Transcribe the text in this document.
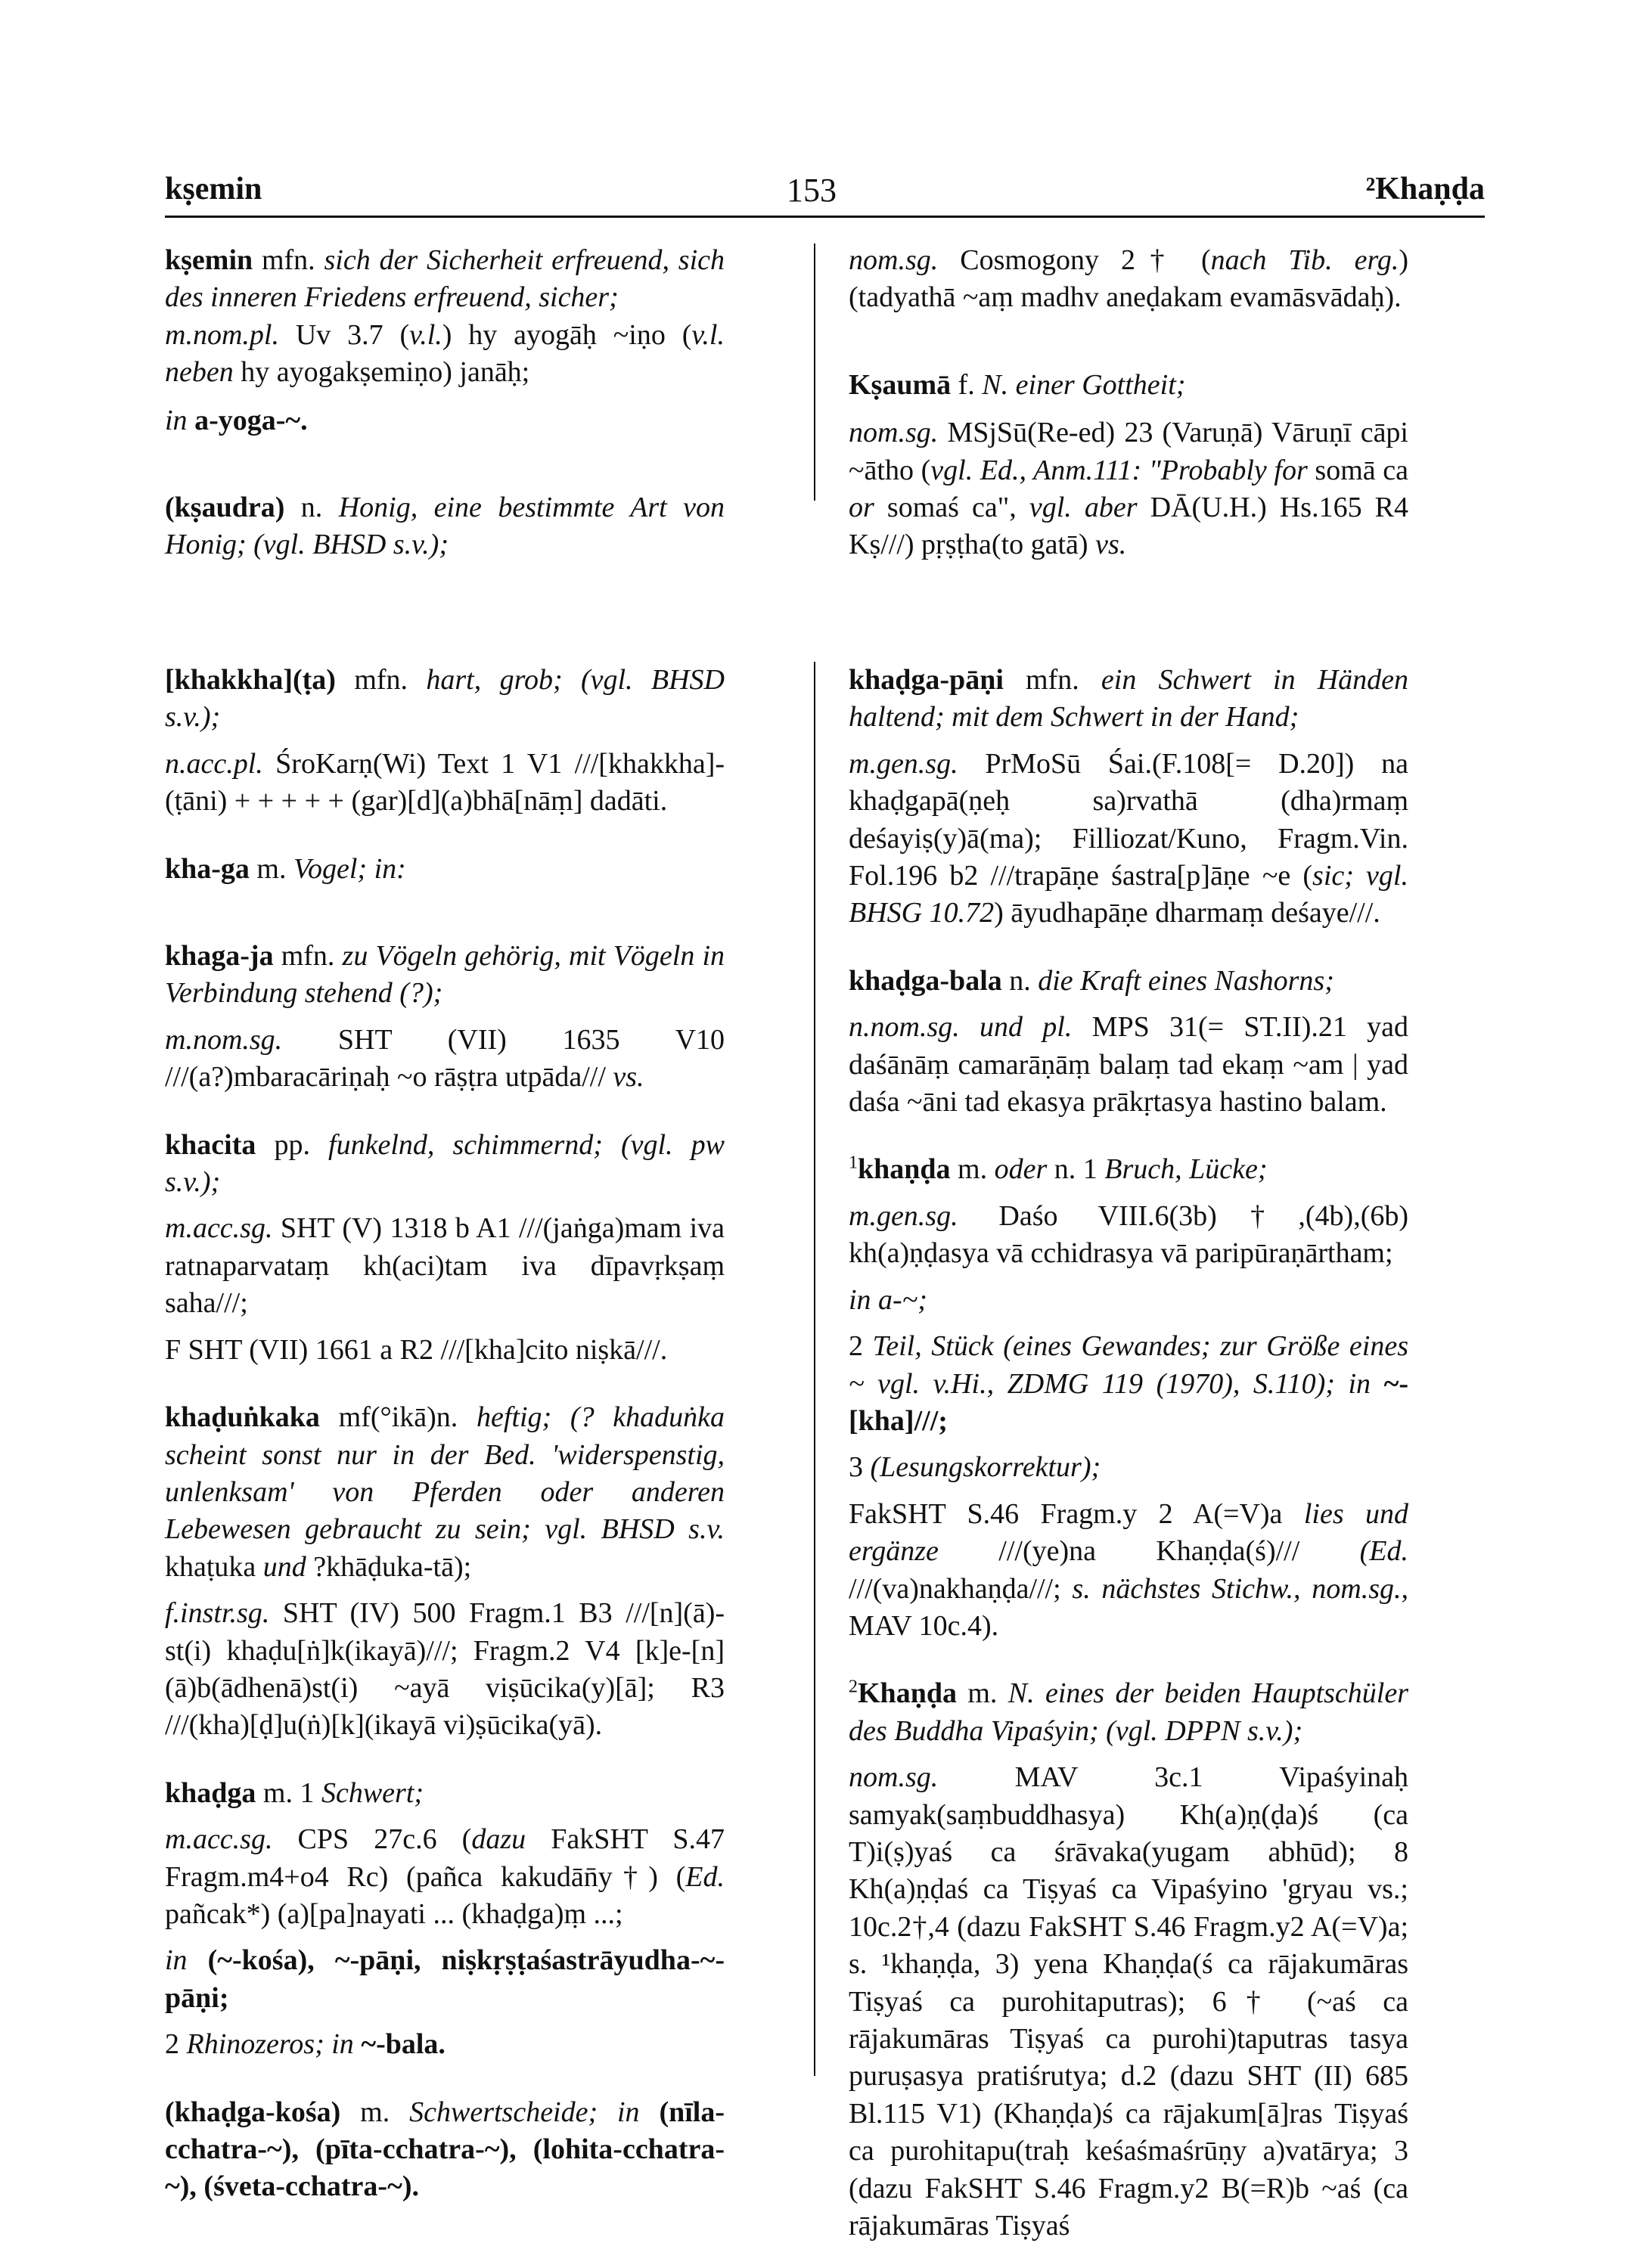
kṣemin	153	²Khaṇḍa

kṣemin mfn. sich der Sicherheit erfreuend, sich des inneren Friedens erfreuend, sicher;

m.nom.pl. Uv 3.7 (v.l.) hy ayogāḥ ~iṇo (v.l. neben hy ayogakṣemiṇo) janāḥ;

in a-yoga-~.

(kṣaudra) n. Honig, eine bestimmte Art von Honig; (vgl. BHSD s.v.);

nom.sg. Cosmogony 2† (nach Tib. erg.) (tadyathā ~aṃ madhv aneḍakam evamāsvādaḥ).

Kṣaumā f. N. einer Gottheit;

nom.sg. MSjSū(Re-ed) 23 (Varuṇā) Vāruṇī cāpi ~ātho (vgl. Ed., Anm.111: "Probably for somā ca or somaś ca", vgl. aber DĀ(U.H.) Hs.165 R4 Kṣ///) pṛṣṭha(to gatā) vs.

[khakkha](ṭa) mfn. hart, grob; (vgl. BHSD s.v.);

n.acc.pl. ŚroKarṇ(Wi) Text 1 V1 ///[khakkha]-(ṭāni) + + + + + (gar)[d](a)bhā[nāṃ] dadāti.

kha-ga m. Vogel; in:

khaga-ja mfn. zu Vögeln gehörig, mit Vögeln in Verbindung stehend (?);

m.nom.sg. SHT (VII) 1635 V10 ///(a?)mbaracāriṇaḥ ~o rāṣṭra utpāda/// vs.

khacita pp. funkelnd, schimmernd; (vgl. pw s.v.);

m.acc.sg. SHT (V) 1318 b A1 ///(jaṅga)mam iva ratnaparvataṃ kh(aci)tam iva dīpavṛkṣaṃ saha///;

F SHT (VII) 1661 a R2 ///[kha]cito niṣkā///.

khaḍuṅkaka mf(°ikā)n. heftig; (? khaduṅka scheint sonst nur in der Bed. 'widerspenstig, unlenksam' von Pferden oder anderen Lebewesen gebraucht zu sein; vgl. BHSD s.v. khaṭuka und ?khāḍuka-tā);

f.instr.sg. SHT (IV) 500 Fragm.1 B3 ///[n](ā)-st(i) khaḍu[ṅ]k(ikayā)///; Fragm.2 V4 [k]e-[n](ā)b(ādhenā)st(i) ~ayā viṣūcika(y)[ā]; R3 ///(kha)[ḍ]u(ṅ)[k](ikayā vi)ṣūcika(yā).

khaḍga m. 1 Schwert;

m.acc.sg. CPS 27c.6 (dazu FakSHT S.47 Fragm.m4+o4 Rc) (pañca kakudān̄y†) (Ed. pañcak*) (a)[pa]nayati ... (khaḍga)ṃ ...;

in (~-kośa), ~-pāṇi, niṣkṛṣṭaśastrāyudha-~-pāṇi;

2 Rhinozeros; in ~-bala.

(khaḍga-kośa) m. Schwertscheide; in (nīla-cchatra-~), (pīta-cchatra-~), (lohita-cchatra-~), (śveta-cchatra-~).

khaḍga-pāṇi mfn. ein Schwert in Händen haltend; mit dem Schwert in der Hand;

m.gen.sg. PrMoSū Śai.(F.108[= D.20]) na khaḍgapā(ṇeḥ sa)rvathā (dha)rmaṃ deśayiṣ(y)ā(ma); Filliozat/Kuno, Fragm.Vin. Fol.196 b2 ///trapāṇe śastra[p]āṇe ~e (sic; vgl. BHSG 10.72) āyudhapāṇe dharmaṃ deśaye///.

khaḍga-bala n. die Kraft eines Nashorns;

n.nom.sg. und pl. MPS 31(= ST.II).21 yad daśānāṃ camarāṇāṃ balaṃ tad ekaṃ ~am | yad daśa ~āni tad ekasya prākṛtasya hastino balam.

$^1$khaṇḍa m. oder n. 1 Bruch, Lücke;

m.gen.sg. Daśo VIII.6(3b)†,(4b),(6b) kh(a)ṇḍasya vā cchidrasya vā paripūraṇārtham;

in a-~;

2 Teil, Stück (eines Gewandes; zur Größe eines ~ vgl. v.Hi., ZDMG 119 (1970), S.110); in ~-[kha]///;

3 (Lesungskorrektur);

FakSHT S.46 Fragm.y 2 A(=V)a lies und ergänze ///(ye)na Khaṇḍa(ś)/// (Ed. ///(va)nakhaṇḍa///; s. nächstes Stichw., nom.sg., MAV 10c.4).

$^2$Khaṇḍa m. N. eines der beiden Hauptschüler des Buddha Vipaśyin; (vgl. DPPN s.v.);

nom.sg.	MAV 3c.1 Vipaśyinaḥ samyak(saṃbuddhasya) Kh(a)ṇ(ḍa)ś (ca T)i(ṣ)yaś ca śrāvaka(yugam abhūd); 8 Kh(a)ṇḍaś ca Tiṣyaś ca Vipaśyino 'gryau vs.; 10c.2†,4 (dazu FakSHT S.46 Fragm.y2 A(=V)a; s. ¹khaṇḍa, 3) yena Khaṇḍa(ś ca rājakumāras Tiṣyaś ca purohitaputras); 6† (~aś ca rājakumāras Tiṣyaś ca purohi)taputras tasya puruṣasya pratiśrutya; d.2 (dazu SHT (II) 685 Bl.115 V1) (Khaṇḍa)ś ca rājakum[ā]ras Tiṣyaś ca purohitapu(traḥ keśaśmaśrūṇy a)vatārya; 3 (dazu FakSHT S.46 Fragm.y2 B(=R)b ~aś (ca rājakumāras Tiṣyaś
